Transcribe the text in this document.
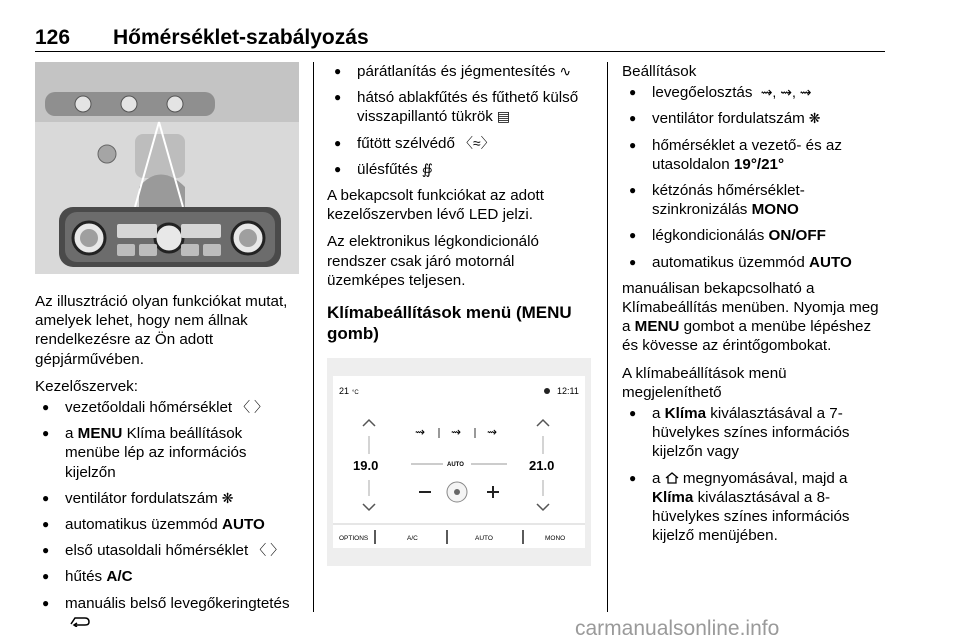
126 Hőmérséklet-szabályozás

Az illusztráció olyan funkciókat mutat, amelyek lehet, hogy nem állnak rendelkezésre az Ön adott gépjárművében.

Kezelőszervek:

● vezetőoldali hőmérséklet 〈 〉
● a MENU Klíma beállítások menübe lép az információs kijelzőn
● ventilátor fordulatszám ❋
● automatikus üzemmód AUTO
● első utasoldali hőmérséklet 〈 〉
● hűtés A/C
● manuális belső levegőkeringtetés
● párátlanítás és jégmentesítés ∿
● hátsó ablakfűtés és fűthető külső visszapillantó tükrök ▤
● fűtött szélvédő 〈≈〉
● ülésfűtés ∯

A bekapcsolt funkciókat az adott kezelőszervben lévő LED jelzi.

Az elektronikus légkondicionáló rendszer csak járó motornál üzemképes teljesen.

Klímabeállítások menü (MENU gomb)
21 °C	12:11
19.0	21.0
⇝ ⇝ ⇝
AUTO
OPTIONS	A/C	AUTO	MONO

Beállítások

● levegőelosztás ⇝, ⇝, ⇝
● ventilátor fordulatszám ❋
● hőmérséklet a vezető- és az utasoldalon 19°/21°
● kétzónás hőmérséklet-szinkronizálás MONO
● légkondicionálás ON/OFF
● automatikus üzemmód AUTO

manuálisan bekapcsolható a Klímabeállítás menüben. Nyomja meg a MENU gombot a menübe lépéshez és kövesse az érintőgombokat.

A klímabeállítások menü megjeleníthető

● a Klíma kiválasztásával a 7-hüvelykes színes információs kijelzőn vagy
● a  megnyomásával, majd a Klíma kiválasztásával a 8-hüvelykes színes információs kijelző menüjében.
carmanualsonline.info
